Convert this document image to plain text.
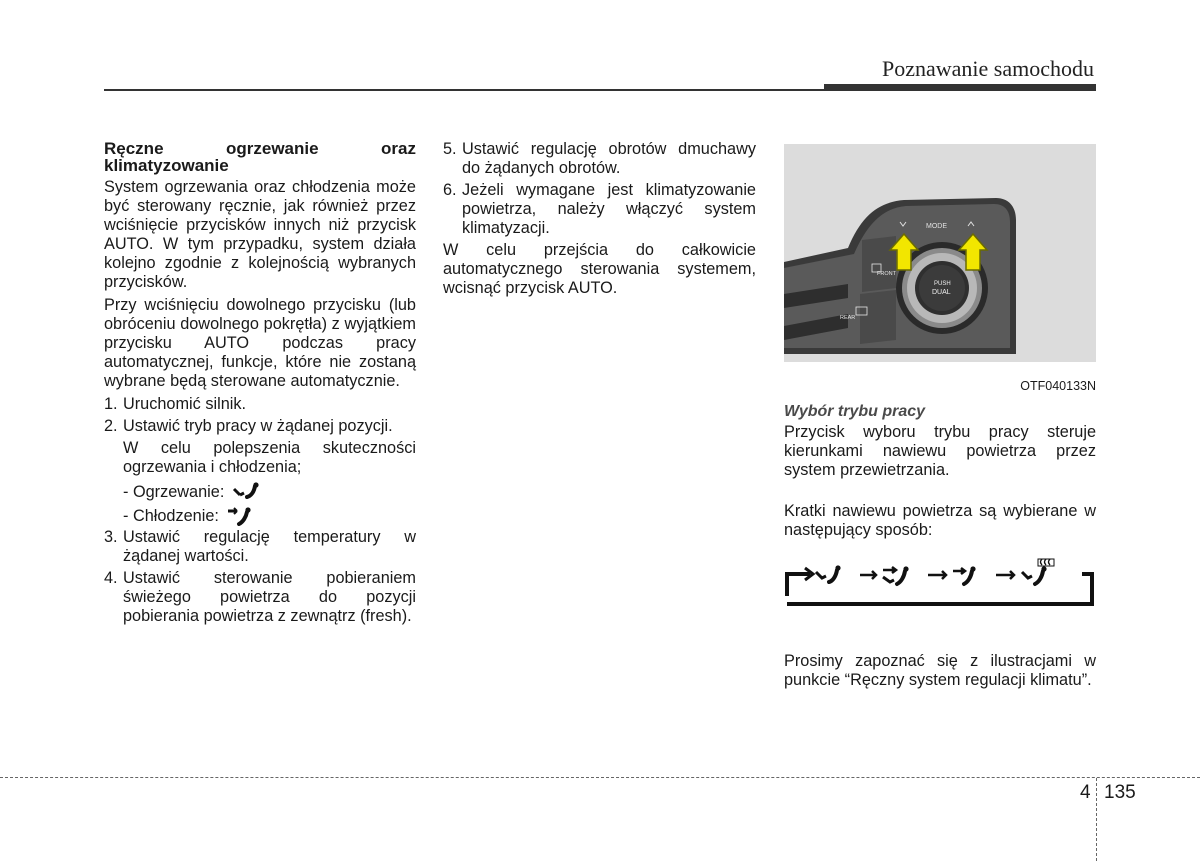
Poznawanie samochodu
Ręczne	ogrzewanie	oraz
klimatyzowanie

System ogrzewania oraz chłodzenia może być sterowany ręcznie, jak również przez wciśnięcie przycisków innych niż przycisk AUTO. W tym przypadku, system działa kolejno zgodnie z kolejnością wybranych przycisków.

Przy wciśnięciu dowolnego przycisku (lub obróceniu dowolnego pokrętła) z wyjątkiem przycisku AUTO podczas pracy automatycznej, funkcje, które nie zostaną wybrane będą sterowane automatycznie.

1. Uruchomić silnik.
2. Ustawić tryb pracy w żądanej pozycji.
W celu polepszenia skuteczności ogrzewania i chłodzenia;
- Ogrzewanie:
- Chłodzenie:
3. Ustawić regulację temperatury w żądanej wartości.
4. Ustawić sterowanie pobieraniem świeżego powietrza do pozycji pobierania powietrza z zewnątrz (fresh).
5. Ustawić regulację obrotów dmuchawy do żądanych obrotów.
6. Jeżeli wymagane jest klimatyzowanie powietrza, należy włączyć system klimatyzacji.

W celu przejścia do całkowicie automatycznego sterowania systemem, wcisnąć przycisk AUTO.

FRONT
REAR
MODE
PUSH
DUAL
OTF040133N
Wybór trybu pracy

Przycisk wyboru trybu pracy steruje kierunkami nawiewu powietrza przez system przewietrzania.

Kratki nawiewu powietrza są wybierane w następujący sposób:

Prosimy zapoznać się z ilustracjami w punkcie “Ręczny system regulacji klimatu”.

4 135
